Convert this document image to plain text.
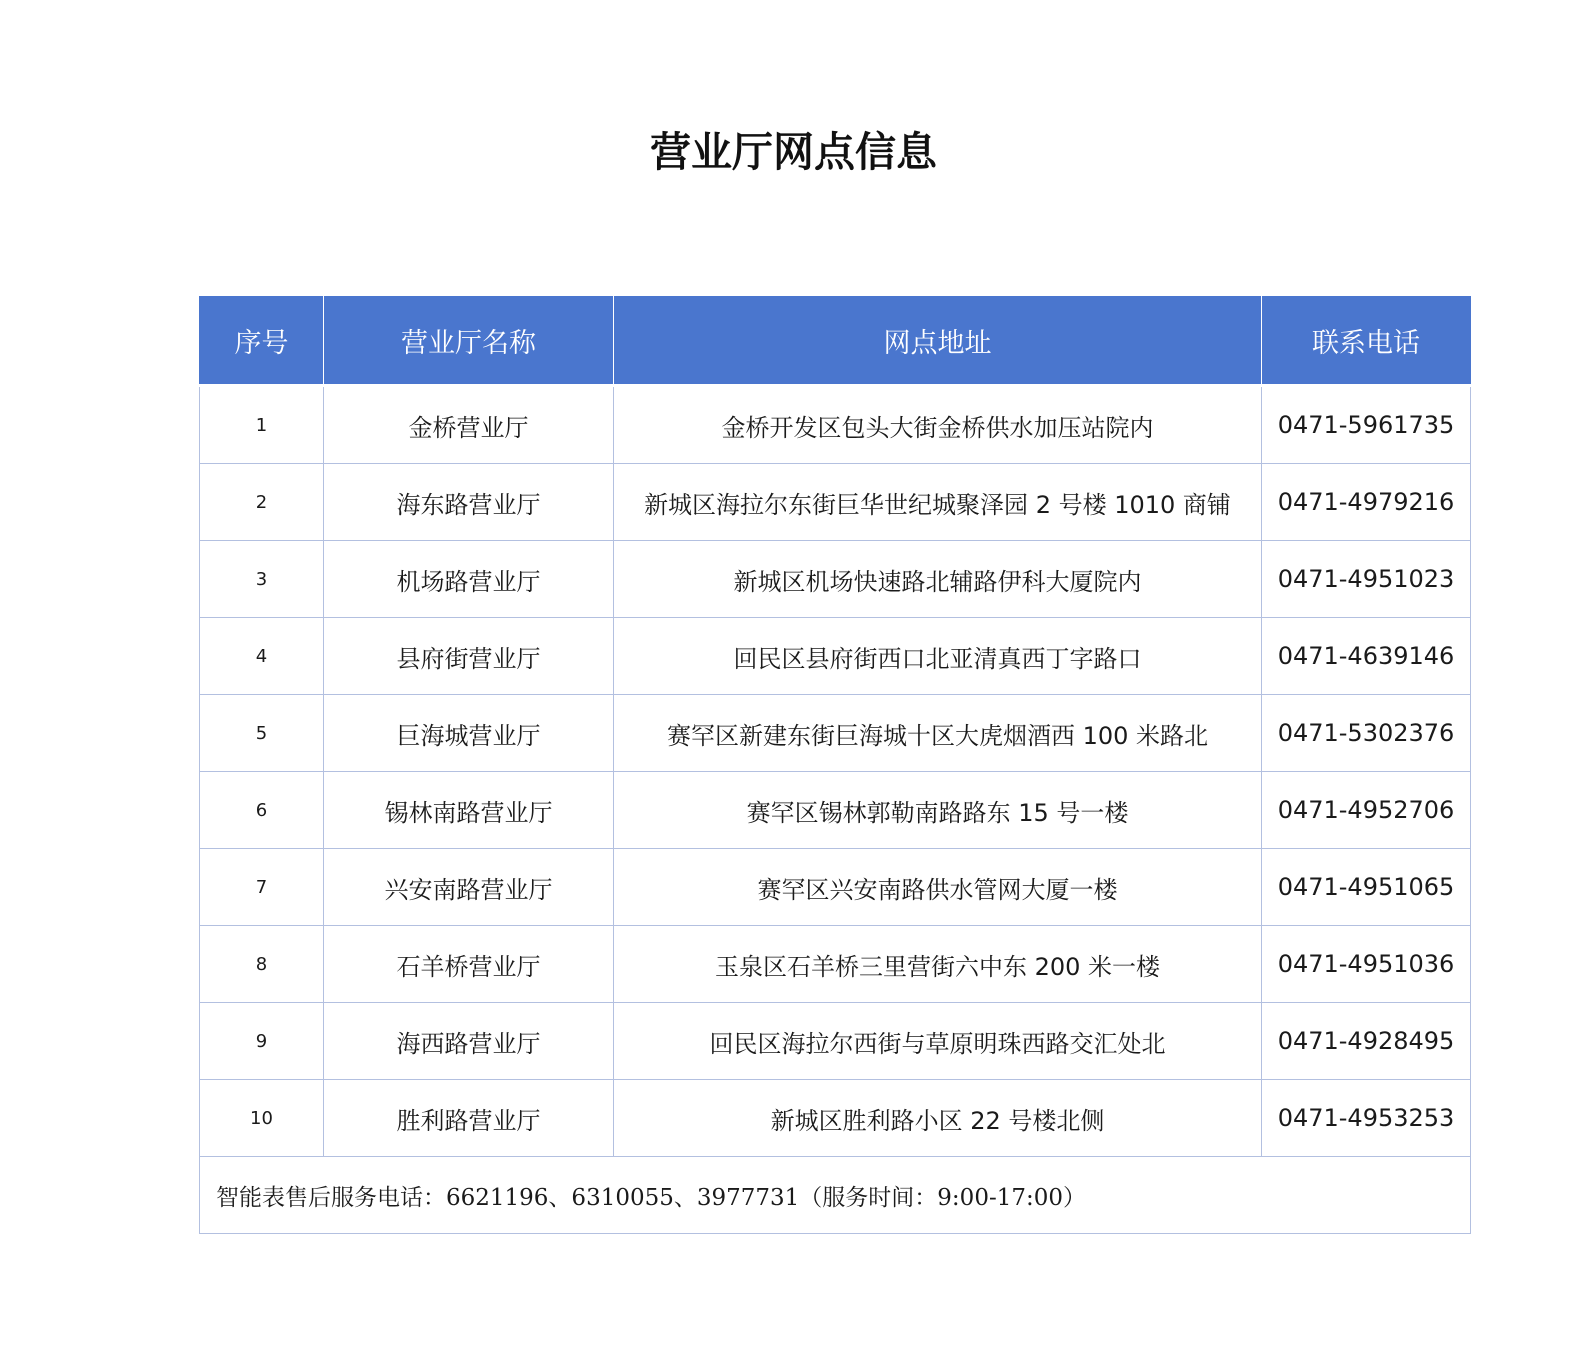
营业厅网点信息
序号	营业厅名称	网点地址	联系电话
1	金桥营业厅	金桥开发区包头大街金桥供水加压站院内	0471-5961735
2	海东路营业厅	新城区海拉尔东街巨华世纪城聚泽园 2 号楼 1010 商铺	0471-4979216
3	机场路营业厅	新城区机场快速路北辅路伊科大厦院内	0471-4951023
4	县府街营业厅	回民区县府街西口北亚清真西丁字路口	0471-4639146
5	巨海城营业厅	赛罕区新建东街巨海城十区大虎烟酒西 100 米路北	0471-5302376
6	锡林南路营业厅	赛罕区锡林郭勒南路路东 15 号一楼	0471-4952706
7	兴安南路营业厅	赛罕区兴安南路供水管网大厦一楼	0471-4951065
8	石羊桥营业厅	玉泉区石羊桥三里营街六中东 200 米一楼	0471-4951036
9	海西路营业厅	回民区海拉尔西街与草原明珠西路交汇处北	0471-4928495
10	胜利路营业厅	新城区胜利路小区 22 号楼北侧	0471-4953253
智能表售后服务电话：6621196、6310055、3977731（服务时间：9:00-17:00）			
